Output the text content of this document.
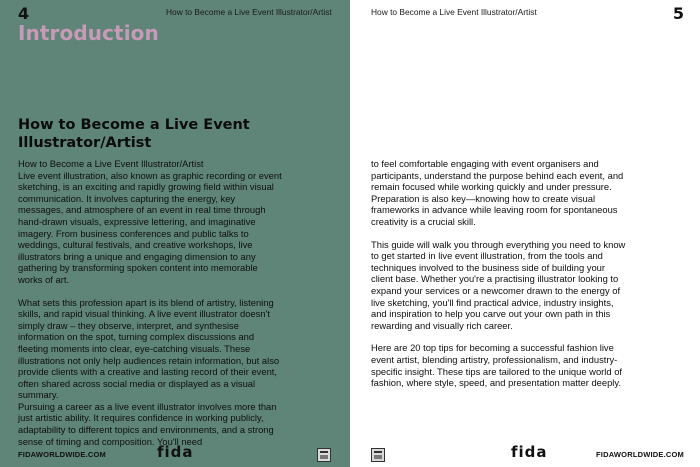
4	How to Become a Live Event Illustrator/Artist
Introduction
How to Become a Live Event Illustrator/Artist

How to Become a Live Event Illustrator/Artist

Live event illustration, also known as graphic recording or event sketching, is an exciting and rapidly growing field within visual communication. It involves capturing the energy, key messages, and atmosphere of an event in real time through hand-drawn visuals, expressive lettering, and imaginative imagery. From business conferences and public talks to weddings, cultural festivals, and creative workshops, live illustrators bring a unique and engaging dimension to any gathering by transforming spoken content into memorable works of art.

What sets this profession apart is its blend of artistry, listening skills, and rapid visual thinking. A live event illustrator doesn't simply draw – they observe, interpret, and synthesise information on the spot, turning complex discussions and fleeting moments into clear, eye-catching visuals. These illustrations not only help audiences retain information, but also provide clients with a creative and lasting record of their event, often shared across social media or displayed as a visual summary.

Pursuing a career as a live event illustrator involves more than just artistic ability. It requires confidence in working publicly, adaptability to different topics and environments, and a strong sense of timing and composition. You'll need

FIDAWORLDWIDE.COM	fida
How to Become a Live Event Illustrator/Artist	5

to feel comfortable engaging with event organisers and participants, understand the purpose behind each event, and remain focused while working quickly and under pressure. Preparation is also key—knowing how to create visual frameworks in advance while leaving room for spontaneous creativity is a crucial skill.

This guide will walk you through everything you need to know to get started in live event illustration, from the tools and techniques involved to the business side of building your client base. Whether you're a practising illustrator looking to expand your services or a newcomer drawn to the energy of live sketching, you'll find practical advice, industry insights, and inspiration to help you carve out your own path in this rewarding and visually rich career.

Here are 20 top tips for becoming a successful fashion live event artist, blending artistry, professionalism, and industry-specific insight. These tips are tailored to the unique world of fashion, where style, speed, and presentation matter deeply.

fida	FIDAWORLDWIDE.COM
